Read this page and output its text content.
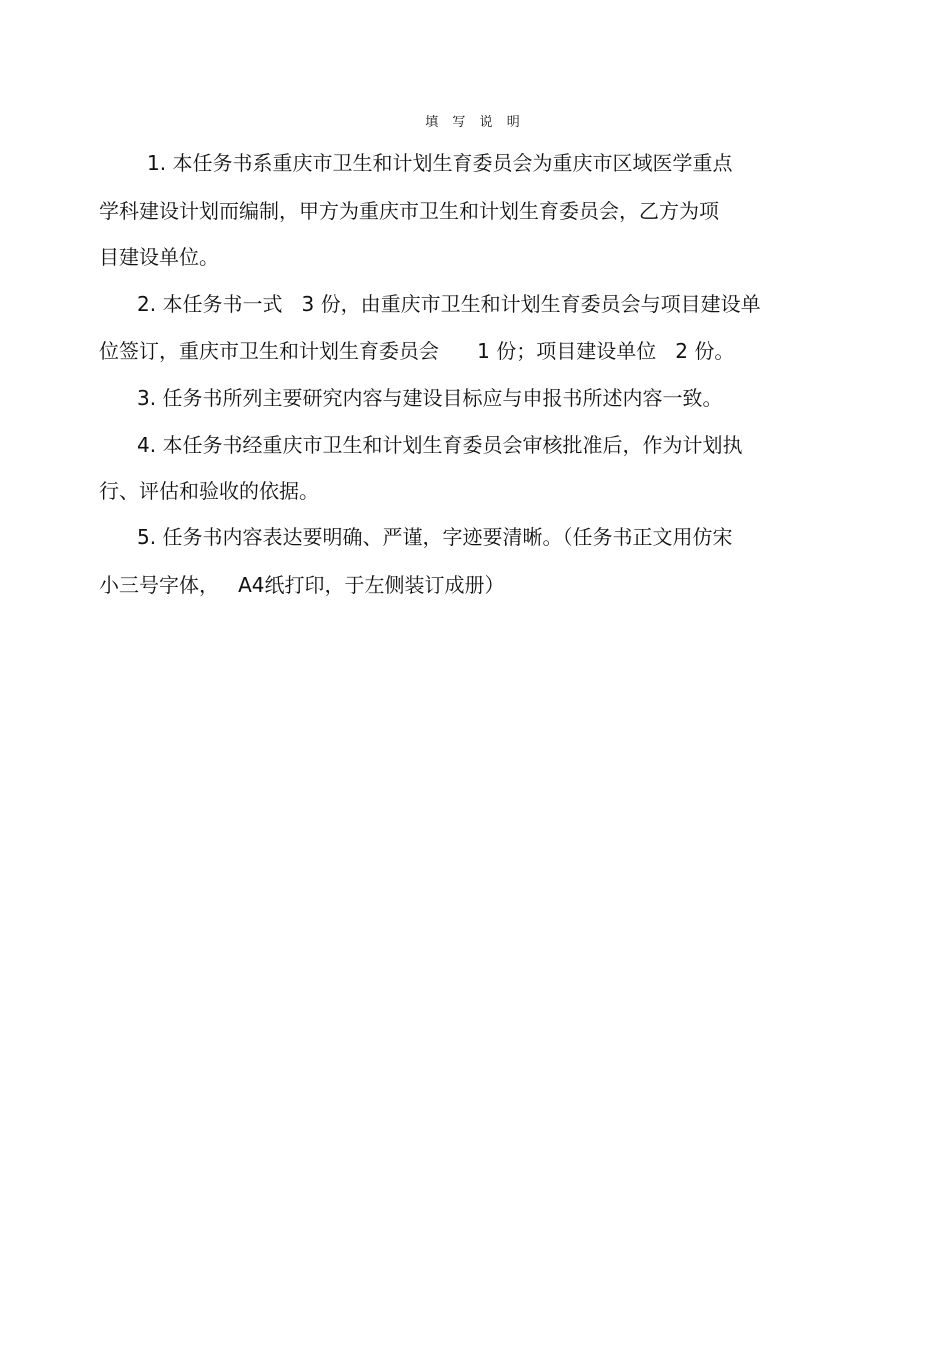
填 写 说 明
1. 本任务书系重庆市卫生和计划生育委员会为重庆市区域医学重点
学科建设计划而编制，甲方为重庆市卫生和计划生育委员会，乙方为项
目建设单位。
2. 本任务书一式   3 份，由重庆市卫生和计划生育委员会与项目建设单
位签订，重庆市卫生和计划生育委员会      1 份；项目建设单位   2 份。
3. 任务书所列主要研究内容与建设目标应与申报书所述内容一致。
4. 本任务书经重庆市卫生和计划生育委员会审核批准后，作为计划执
行、评估和验收的依据。
5. 任务书内容表达要明确、严谨，字迹要清晰。（任务书正文用仿宋
小三号字体，   A4纸打印，于左侧装订成册）
